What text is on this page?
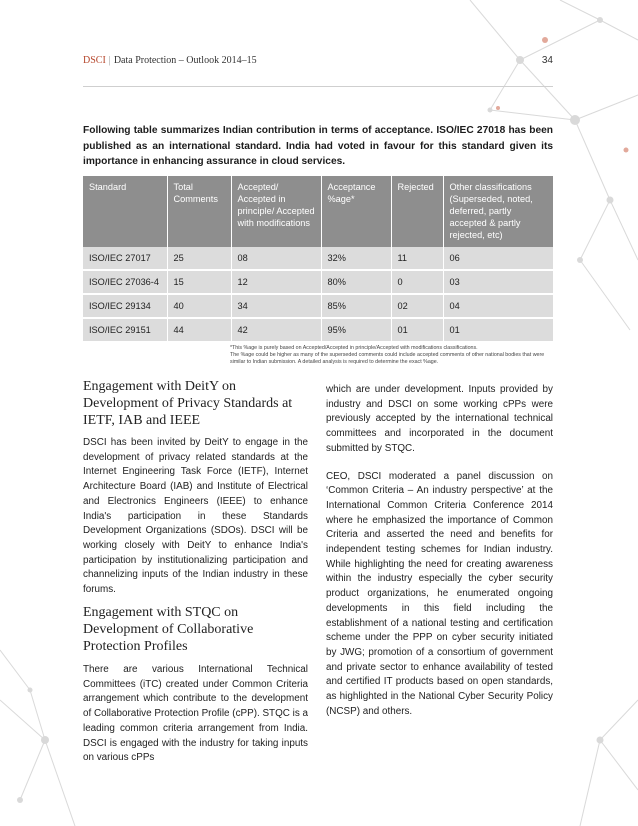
DSCI | Data Protection – Outlook 2014–15	34

Following table summarizes Indian contribution in terms of acceptance. ISO/IEC 27018 has been published as an international standard. India had voted in favour for this standard given its importance in enhancing assurance in cloud services.

Standard	Total Comments	Accepted/ Accepted in principle/ Accepted with modifications	Acceptance %age*	Rejected	Other classifications (Superseded, noted, deferred, partly accepted & partly rejected, etc)
ISO/IEC 27017	25	08	32%	11	06
ISO/IEC 27036-4	15	12	80%	0	03
ISO/IEC 29134	40	34	85%	02	04
ISO/IEC 29151	44	42	95%	01	01
*This %age is purely based on Accepted/Accepted in principle/Accepted with modifications classifications.
The %age could be higher as many of the superseded comments could include accepted comments of other national bodies that were similar to Indian submission. A detailed analysis is required to determine the exact %age.
Engagement with DeitY on Development of Privacy Standards at IETF, IAB and IEEE

DSCI has been invited by DeitY to engage in the development of privacy related standards at the Internet Engineering Task Force (IETF), Internet Architecture Board (IAB) and Institute of Electrical and Electronics Engineers (IEEE) to enhance India's participation in these Standards Development Organizations (SDOs). DSCI will be working closely with DeitY to enhance India's participation by institutionalizing participation and channelizing inputs of the Indian industry in these forums.

Engagement with STQC on Development of Collaborative Protection Profiles

There are various International Technical Committees (iTC) created under Common Criteria arrangement which contribute to the development of Collaborative Protection Profile (cPP). STQC is a leading common criteria arrangement from India. DSCI is engaged with the industry for taking inputs on various cPPs

which are under development. Inputs provided by industry and DSCI on some working cPPs were previously accepted by the international technical committees and incorporated in the document submitted by STQC.

CEO, DSCI moderated a panel discussion on ‘Common Criteria – An industry perspective’ at the International Common Criteria Conference 2014 where he emphasized the importance of Common Criteria and asserted the need and benefits for independent testing schemes for Indian industry. While highlighting the need for creating awareness within the industry especially the cyber security product organizations, he enumerated ongoing developments in this field including the establishment of a national testing and certification scheme under the PPP on cyber security initiated by JWG; promotion of a consortium of government and private sector to enhance availability of tested and certified IT products based on open standards, as highlighted in the National Cyber Security Policy (NCSP) and others.
